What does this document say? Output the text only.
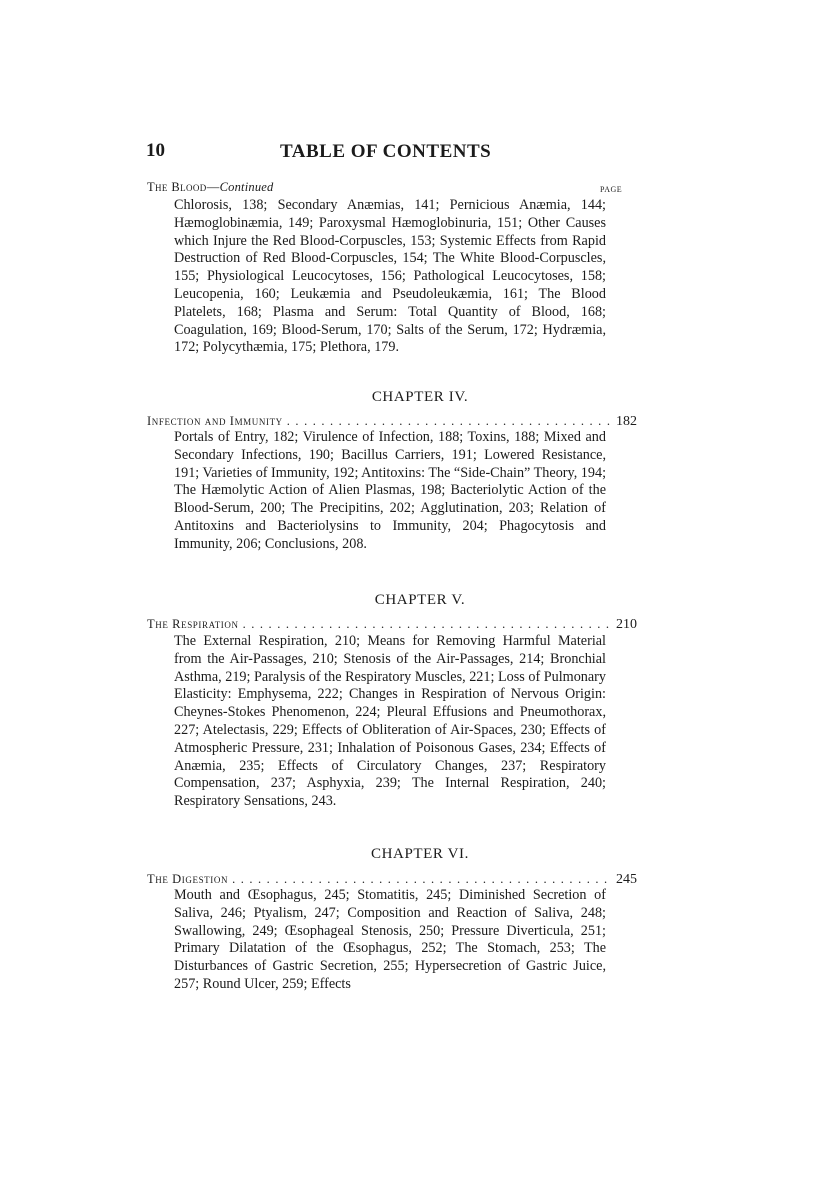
10	TABLE OF CONTENTS
PAGE
The Blood—Continued

Chlorosis, 138; Secondary Anæmias, 141; Pernicious Anæmia, 144; Hæmoglobinæmia, 149; Paroxysmal Hæmoglobinuria, 151; Other Causes which Injure the Red Blood-Corpuscles, 153; Systemic Effects from Rapid Destruction of Red Blood-Corpuscles, 154; The White Blood-Corpuscles, 155; Physiological Leucocytoses, 156; Pathological Leucocytoses, 158; Leucopenia, 160; Leukæmia and Pseudoleukæmia, 161; The Blood Platelets, 168; Plasma and Serum: Total Quantity of Blood, 168; Coagulation, 169; Blood-Serum, 170; Salts of the Serum, 172; Hydræmia, 172; Polycythæmia, 175; Plethora, 179.

CHAPTER IV.
Infection and Immunity . . .	182

Portals of Entry, 182; Virulence of Infection, 188; Toxins, 188; Mixed and Secondary Infections, 190; Bacillus Carriers, 191; Lowered Resistance, 191; Varieties of Immunity, 192; Antitoxins: The “Side-Chain” Theory, 194; The Hæmolytic Action of Alien Plasmas, 198; Bacteriolytic Action of the Blood-Serum, 200; The Precipitins, 202; Agglutination, 203; Relation of Antitoxins and Bacteriolysins to Immunity, 204; Phagocytosis and Immunity, 206; Conclusions, 208.

CHAPTER V.
The Respiration . . .	210

The External Respiration, 210; Means for Removing Harmful Material from the Air-Passages, 210; Stenosis of the Air-Passages, 214; Bronchial Asthma, 219; Paralysis of the Respiratory Muscles, 221; Loss of Pulmonary Elasticity: Emphysema, 222; Changes in Respiration of Nervous Origin: Cheynes-Stokes Phenomenon, 224; Pleural Effusions and Pneumothorax, 227; Atelectasis, 229; Effects of Obliteration of Air-Spaces, 230; Effects of Atmospheric Pressure, 231; Inhalation of Poisonous Gases, 234; Effects of Anæmia, 235; Effects of Circulatory Changes, 237; Respiratory Compensation, 237; Asphyxia, 239; The Internal Respiration, 240; Respiratory Sensations, 243.

CHAPTER VI.
The Digestion . . .	245

Mouth and Œsophagus, 245; Stomatitis, 245; Diminished Secretion of Saliva, 246; Ptyalism, 247; Composition and Reaction of Saliva, 248; Swallowing, 249; Œsophageal Stenosis, 250; Pressure Diverticula, 251; Primary Dilatation of the Œsophagus, 252; The Stomach, 253; The Disturbances of Gastric Secretion, 255; Hypersecretion of Gastric Juice, 257; Round Ulcer, 259; Effects
